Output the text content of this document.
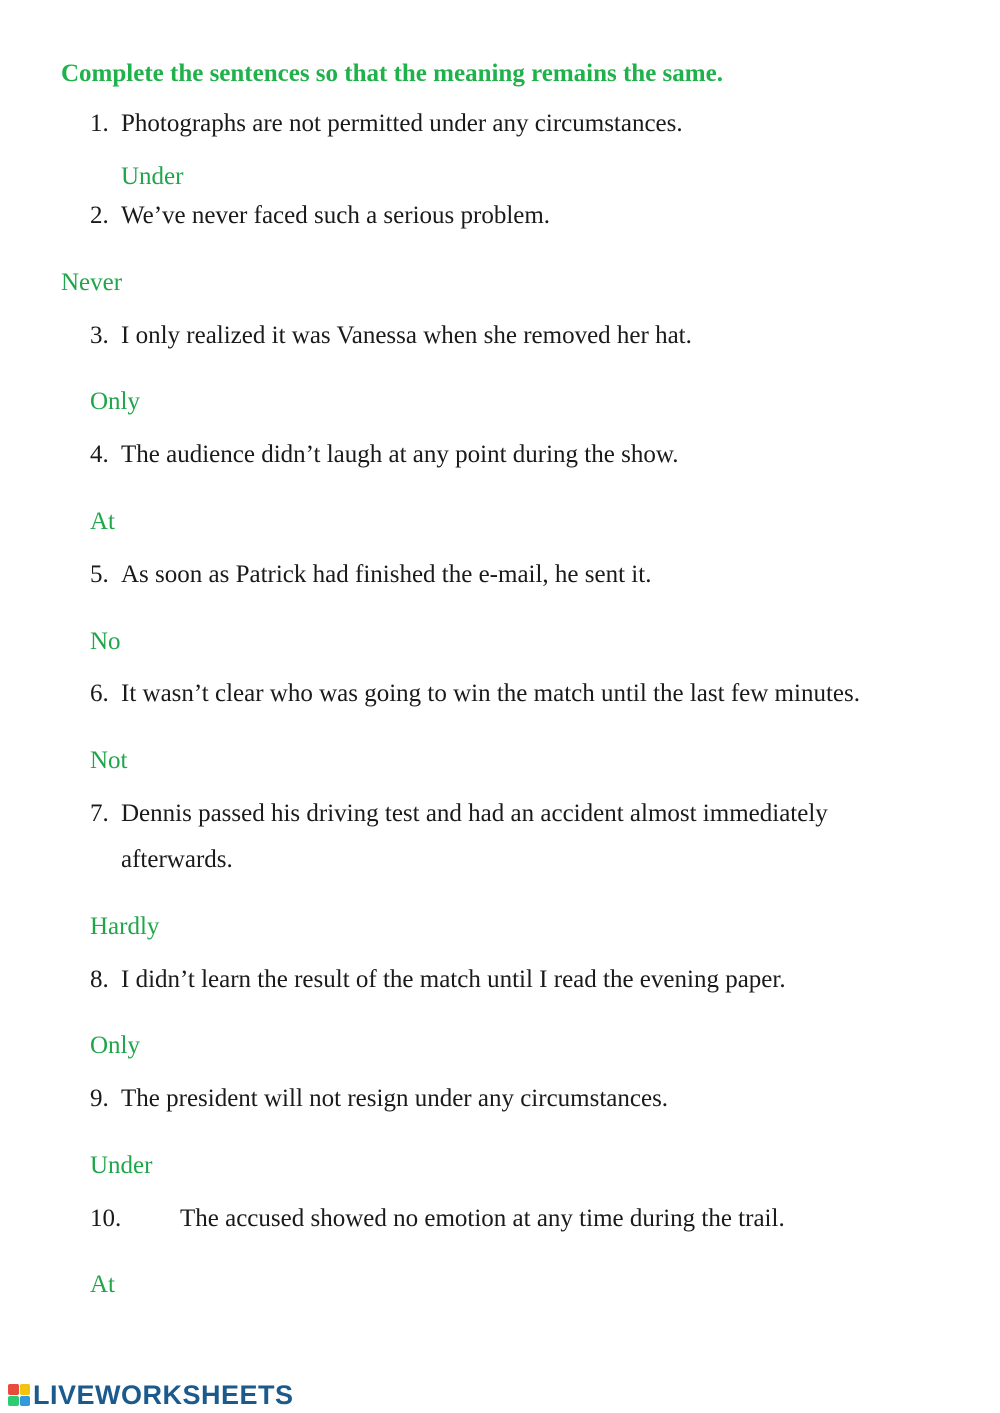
Complete the sentences so that the meaning remains the same.
1. Photographs are not permitted under any circumstances.
Under
2. We’ve never faced such a serious problem.
Never
3. I only realized it was Vanessa when she removed her hat.
Only
4. The audience didn’t laugh at any point during the show.
At
5. As soon as Patrick had finished the e-mail, he sent it.
No
6. It wasn’t clear who was going to win the match until the last few minutes.
Not
7. Dennis passed his driving test and had an accident almost immediately
afterwards.
Hardly
8. I didn’t learn the result of the match until I read the evening paper.
Only
9. The president will not resign under any circumstances.
Under
10. The accused showed no emotion at any time during the trail.
At
LIVEWORKSHEETS
